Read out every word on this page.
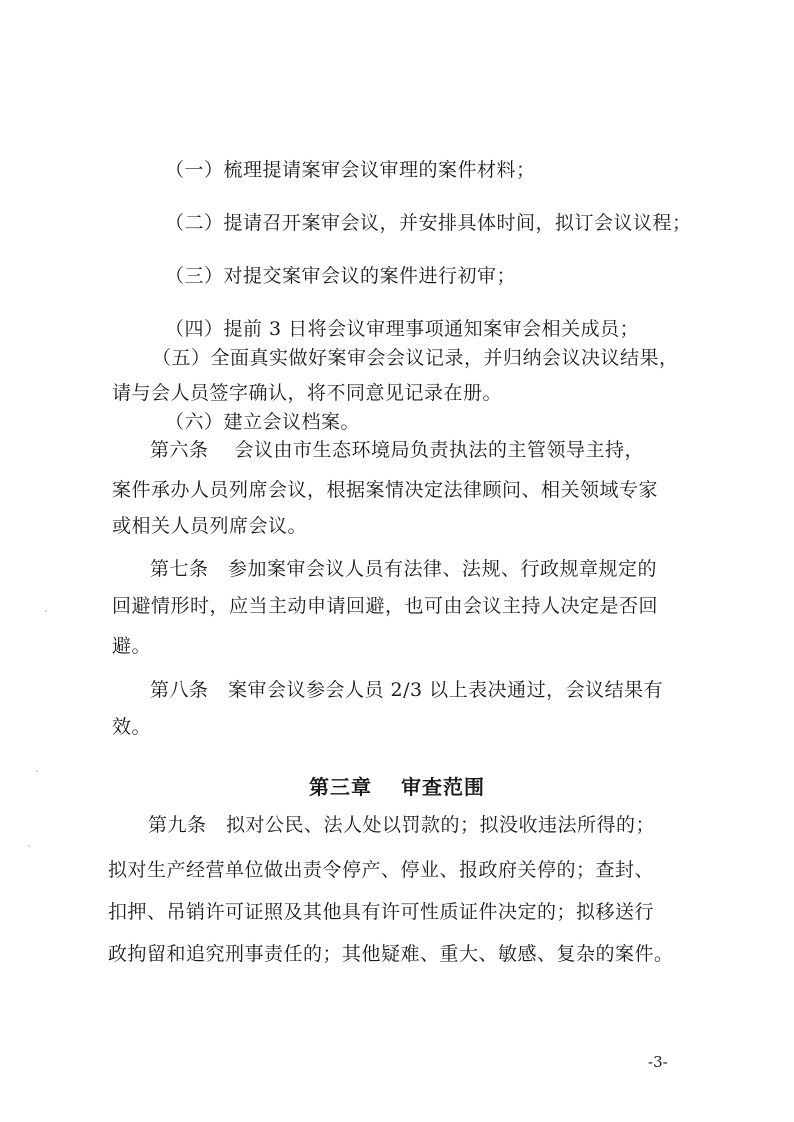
（一）梳理提请案审会议审理的案件材料；
（二）提请召开案审会议，并安排具体时间，拟订会议议程；
（三）对提交案审会议的案件进行初审；
（四）提前 3 日将会议审理事项通知案审会相关成员；
（五）全面真实做好案审会会议记录，并归纳会议决议结果，
请与会人员签字确认，将不同意见记录在册。
（六）建立会议档案。
第六条　 会议由市生态环境局负责执法的主管领导主持，
案件承办人员列席会议，根据案情决定法律顾问、相关领域专家
或相关人员列席会议。
第七条　参加案审会议人员有法律、法规、行政规章规定的
回避情形时，应当主动申请回避，也可由会议主持人决定是否回
避。
第八条　案审会议参会人员 2/3 以上表决通过，会议结果有
效。
第三章　 审查范围
第九条　拟对公民、法人处以罚款的；拟没收违法所得的；
拟对生产经营单位做出责令停产、停业、报政府关停的；查封、
扣押、吊销许可证照及其他具有许可性质证件决定的；拟移送行
政拘留和追究刑事责任的；其他疑难、重大、敏感、复杂的案件。
-3-
